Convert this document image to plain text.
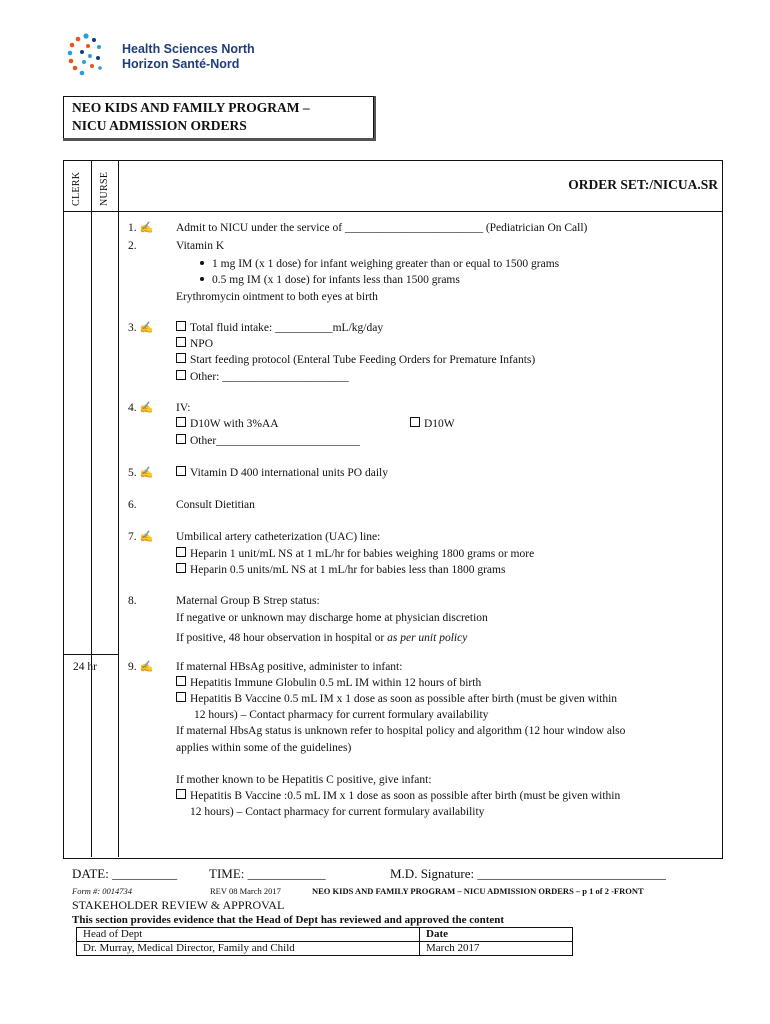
Health Sciences North
Horizon Santé-Nord
NEO KIDS AND FAMILY PROGRAM –
NICU ADMISSION ORDERS
CLERK NURSE	ORDER SET:/NICUA.SR
24 hr
1. ✍ Admit to NICU under the service of ________________________ (Pediatrician On Call)
2.	Vitamin K
1 mg IM (x 1 dose) for infant weighing greater than or equal to 1500 grams
0.5 mg IM (x 1 dose) for infants less than 1500 grams
Erythromycin ointment to both eyes at birth
3. ✍	Total fluid intake: __________mL/kg/day
NPO
Start feeding protocol (Enteral Tube Feeding Orders for Premature Infants)
Other: ______________________
4. ✍ IV:
D10W with 3%AA	D10W
Other_________________________
5. ✍	Vitamin D 400 international units PO daily
6.	Consult Dietitian
7. ✍ Umbilical artery catheterization (UAC) line:
Heparin 1 unit/mL NS at 1 mL/hr for babies weighing 1800 grams or more
Heparin 0.5 units/mL NS at 1 mL/hr for babies less than 1800 grams
8.	Maternal Group B Strep status:
If negative or unknown may discharge home at physician discretion
If positive, 48 hour observation in hospital or as per unit policy
9. ✍ If maternal HBsAg positive, administer to infant:
Hepatitis Immune Globulin 0.5 mL IM within 12 hours of birth
Hepatitis B Vaccine 0.5 mL IM x 1 dose as soon as possible after birth (must be given within
12 hours) – Contact pharmacy for current formulary availability
If maternal HbsAg status is unknown refer to hospital policy and algorithm (12 hour window also
applies within some of the guidelines)
If mother known to be Hepatitis C positive, give infant:
Hepatitis B Vaccine :0.5 mL IM x 1 dose as soon as possible after birth (must be given within
12 hours) – Contact pharmacy for current formulary availability
DATE: __________ TIME: ____________	M.D. Signature: _____________________________
Form #: 0014734	REV 08 March 2017	NEO KIDS AND FAMILY PROGRAM – NICU ADMISSION ORDERS – p 1 of 2 -FRONT
STAKEHOLDER REVIEW & APPROVAL
This section provides evidence that the Head of Dept has reviewed and approved the content
Head of Dept	Date
Dr. Murray, Medical Director, Family and Child	March 2017
